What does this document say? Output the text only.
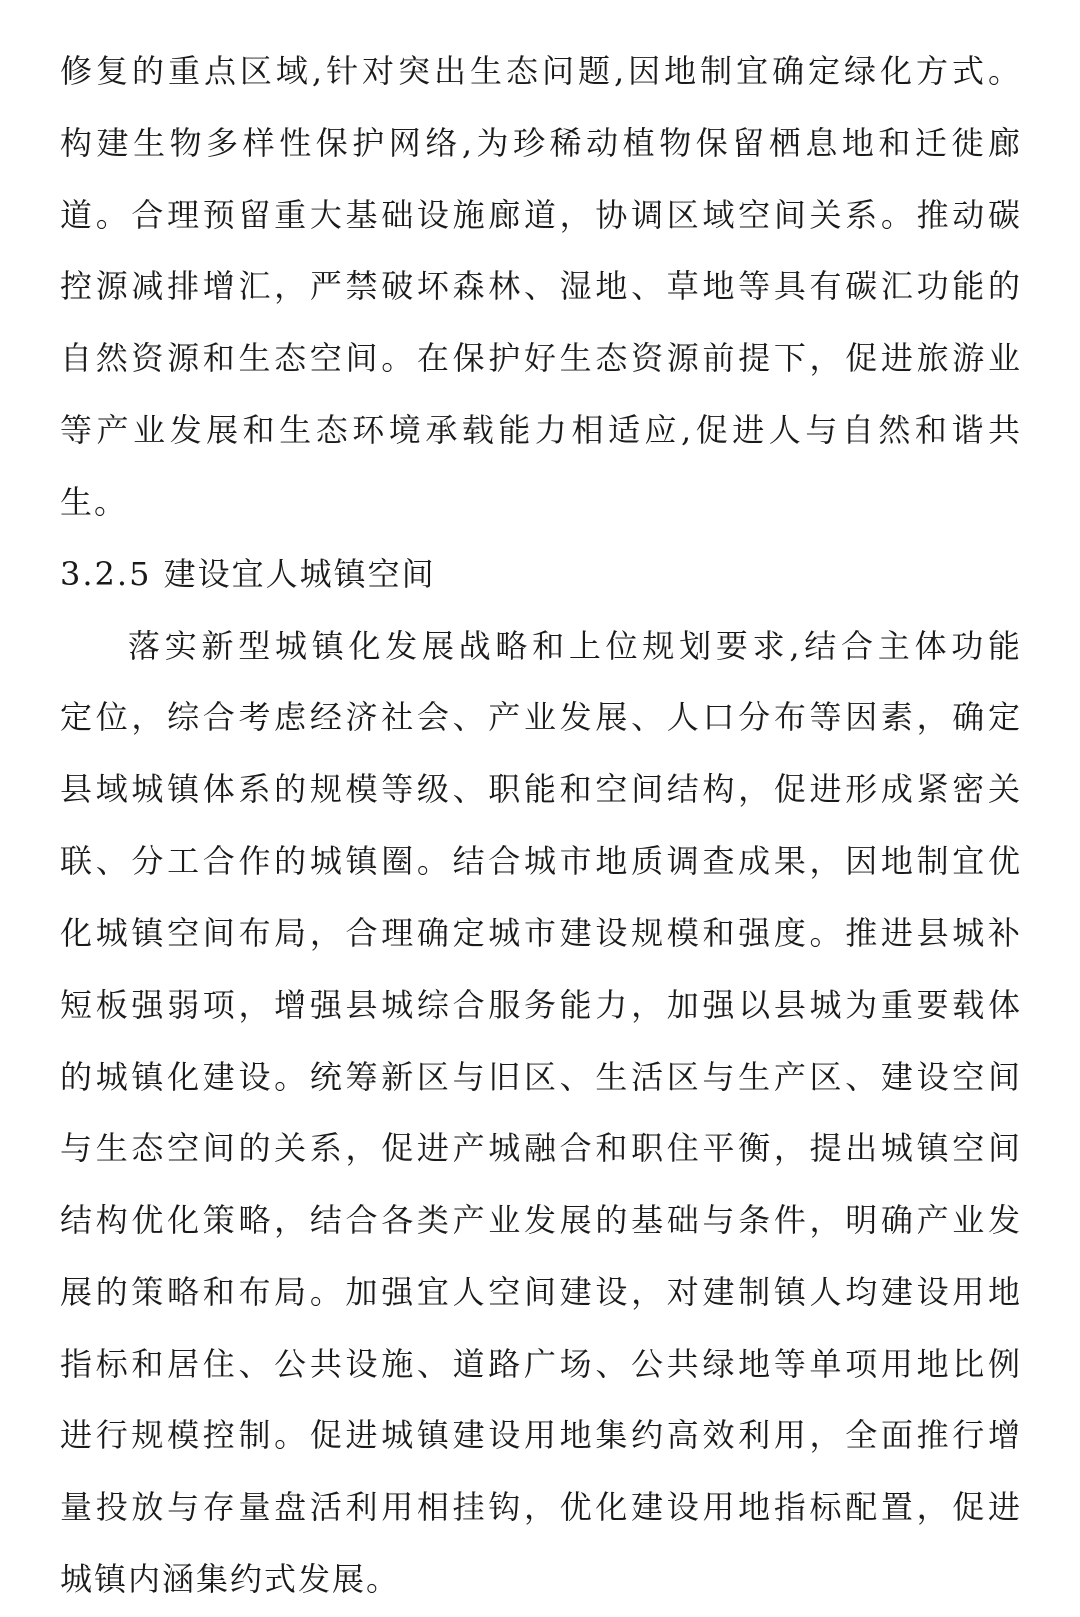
修复的重点区域,针对突出生态问题,因地制宜确定绿化方式。
构建生物多样性保护网络,为珍稀动植物保留栖息地和迁徙廊
道。合理预留重大基础设施廊道，协调区域空间关系。推动碳
控源减排增汇，严禁破坏森林、湿地、草地等具有碳汇功能的
自然资源和生态空间。在保护好生态资源前提下，促进旅游业
等产业发展和生态环境承载能力相适应,促进人与自然和谐共
生。
3.2.5 建设宜人城镇空间
落实新型城镇化发展战略和上位规划要求,结合主体功能
定位，综合考虑经济社会、产业发展、人口分布等因素，确定
县域城镇体系的规模等级、职能和空间结构，促进形成紧密关
联、分工合作的城镇圈。结合城市地质调查成果，因地制宜优
化城镇空间布局，合理确定城市建设规模和强度。推进县城补
短板强弱项，增强县城综合服务能力，加强以县城为重要载体
的城镇化建设。统筹新区与旧区、生活区与生产区、建设空间
与生态空间的关系，促进产城融合和职住平衡，提出城镇空间
结构优化策略，结合各类产业发展的基础与条件，明确产业发
展的策略和布局。加强宜人空间建设，对建制镇人均建设用地
指标和居住、公共设施、道路广场、公共绿地等单项用地比例
进行规模控制。促进城镇建设用地集约高效利用，全面推行增
量投放与存量盘活利用相挂钩，优化建设用地指标配置，促进
城镇内涵集约式发展。
